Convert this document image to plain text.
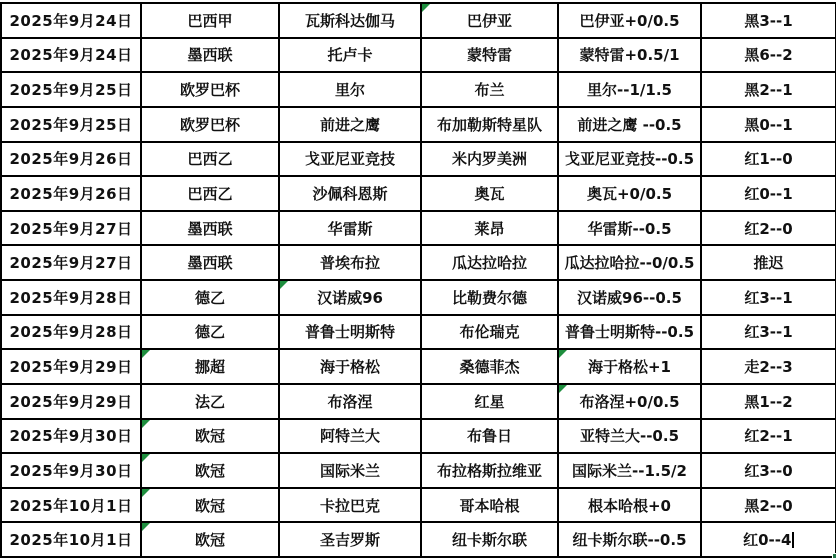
2025年9月24日	巴西甲	瓦斯科达伽马	巴伊亚	巴伊亚+0/0.5	黑3--1
2025年9月24日	墨西联	托卢卡	蒙特雷	蒙特雷+0.5/1	黑6--2
2025年9月25日	欧罗巴杯	里尔	布兰	里尔--1/1.5	黑2--1
2025年9月25日	欧罗巴杯	前进之鹰	布加勒斯特星队	前进之鹰 --0.5	黑0--1
2025年9月26日	巴西乙	戈亚尼亚竞技	米内罗美洲	戈亚尼亚竞技--0.5	红1--0
2025年9月26日	巴西乙	沙佩科恩斯	奥瓦	奥瓦+0/0.5	红0--1
2025年9月27日	墨西联	华雷斯	莱昂	华雷斯--0.5	红2--0
2025年9月27日	墨西联	普埃布拉	瓜达拉哈拉	瓜达拉哈拉--0/0.5	推迟
2025年9月28日	德乙	汉诺威96	比勒费尔德	汉诺威96--0.5	红3--1
2025年9月28日	德乙	普鲁士明斯特	布伦瑞克	普鲁士明斯特--0.5	红3--1
2025年9月29日	挪超	海于格松	桑德菲杰	海于格松+1	走2--3
2025年9月29日	法乙	布洛涅	红星	布洛涅+0/0.5	黑1--2
2025年9月30日	欧冠	阿特兰大	布鲁日	亚特兰大--0.5	红2--1
2025年9月30日	欧冠	国际米兰	布拉格斯拉维亚	国际米兰--1.5/2	红3--0
2025年10月1日	欧冠	卡拉巴克	哥本哈根	根本哈根+0	黑2--0
2025年10月1日	欧冠	圣吉罗斯	纽卡斯尔联	纽卡斯尔联--0.5	红0--4
